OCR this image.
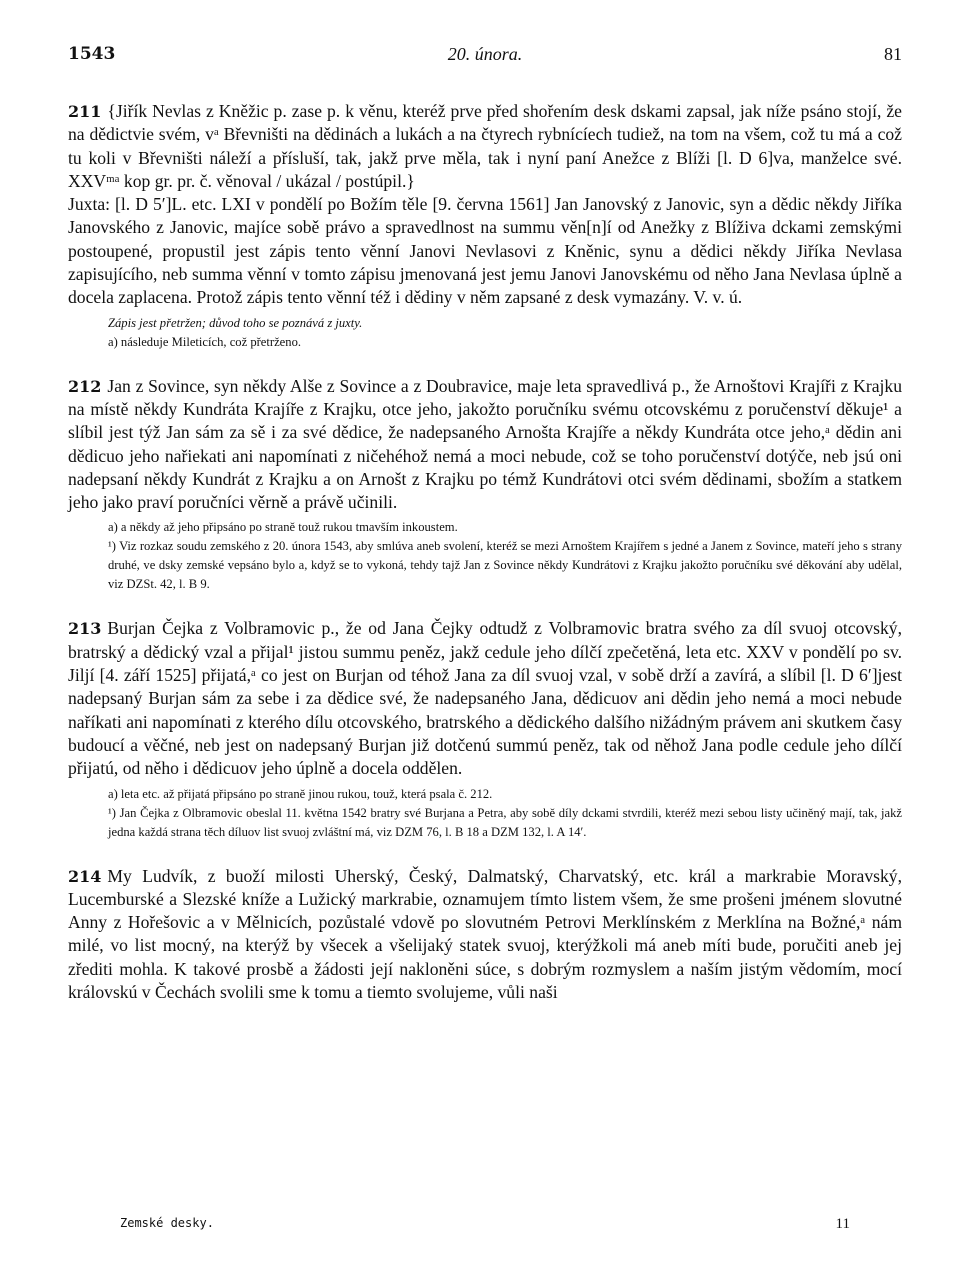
1543	20. února.	81

211 {Jiřík Nevlas z Kněžic p. zase p. k věnu, kteréž prve před shořením desk dskami zapsal, jak níže psáno stojí, že na dědictvie svém, vᵃ Břevništi na dědinách a lukách a na čtyrech rybnícíech tudiež, na tom na všem, což tu má a což tu koli v Břevništi náleží a přísluší, tak, jakž prve měla, tak i nyní paní Anežce z Blíži [l. D 6]va, manželce své. XXVᵐᵃ kop gr. pr. č. věnoval / ukázal / postúpil.}

Juxta: [l. D 5′]L. etc. LXI v pondělí po Božím těle [9. června 1561] Jan Janovský z Janovic, syn a dědic někdy Jiříka Janovského z Janovic, majíce sobě právo a spravedlnost na summu věn[n]í od Anežky z Blíživa dckami zemskými postoupené, propustil jest zápis tento věnní Janovi Nevlasovi z Kněnic, synu a dědici někdy Jiříka Nevlasa zapisujícího, neb summa věnní v tomto zápisu jmenovaná jest jemu Janovi Janovskému od něho Jana Nevlasa úplně a docela zaplacena. Protož zápis tento věnní též i dědiny v něm zapsané z desk vymazány. V. v. ú.

Zápis jest přetržen; důvod toho se poznává z juxty.
a) následuje Mileticích, což přetrženo.

212 Jan z Sovince, syn někdy Alše z Sovince a z Doubravice, maje leta spravedlivá p., že Arnoštovi Krajíři z Krajku na místě někdy Kundráta Krajíře z Krajku, otce jeho, jakožto poručníku svému otcovskému z poručenství děkuje¹ a slíbil jest týž Jan sám za sě i za své dědice, že nadepsaného Arnošta Krajíře a někdy Kundráta otce jeho,ᵃ dědin ani dědicuo jeho nařiekati ani napomínati z ničehéhož nemá a moci nebude, což se toho poručenství dotýče, neb jsú oni nadepsaní někdy Kundrát z Krajku a on Arnošt z Krajku po témž Kundrátovi otci svém dědinami, sbožím a statkem jeho jako praví poručníci věrně a právě učinili.

a) a někdy až jeho připsáno po straně touž rukou tmavším inkoustem.
¹) Viz rozkaz soudu zemského z 20. února 1543, aby smlúva aneb svolení, kteréž se mezi Arnoštem Krajířem s jedné a Janem z Sovince, mateří jeho s strany druhé, ve dsky zemské vepsáno bylo a, když se to vykoná, tehdy tajž Jan z Sovince někdy Kundrátovi z Krajku jakožto poručníku své děkování aby udělal, viz DZSt. 42, l. B 9.

213 Burjan Čejka z Volbramovic p., že od Jana Čejky odtudž z Volbramovic bratra svého za díl svuoj otcovský, bratrský a dědický vzal a přijal¹ jistou summu peněz, jakž cedule jeho dílčí zpečetěná, leta etc. XXV v pondělí po sv. Jiljí [4. září 1525] přijatá,ᵃ co jest on Burjan od téhož Jana za díl svuoj vzal, v sobě drží a zavírá, a slíbil [l. D 6′]jest nadepsaný Burjan sám za sebe i za dědice své, že nadepsaného Jana, dědicuov ani dědin jeho nemá a moci nebude naříkati ani napomínati z kterého dílu otcovského, bratrského a dědického dalšího nižádným právem ani skutkem časy budoucí a věčné, neb jest on nadepsaný Burjan již dotčenú summú peněz, tak od něhož Jana podle cedule jeho dílčí přijatú, od něho i dědicuov jeho úplně a docela oddělen.

a) leta etc. až přijatá připsáno po straně jinou rukou, touž, která psala č. 212.
¹) Jan Čejka z Olbramovic obeslal 11. května 1542 bratry své Burjana a Petra, aby sobě díly dckami stvrdili, kteréž mezi sebou listy učiněný mají, tak, jakž jedna každá strana těch díluov list svuoj zvláštní má, viz DZM 76, l. B 18 a DZM 132, l. A 14′.

214 My Ludvík, z buoží milosti Uherský, Český, Dalmatský, Charvatský, etc. král a markrabie Moravský, Lucemburské a Slezské kníže a Lužický markrabie, oznamujem tímto listem všem, že sme prošeni jménem slovutné Anny z Hořešovic a v Mělnicích, pozůstalé vdově po slovutném Petrovi Merklínském z Merklína na Božné,ᵃ nám milé, vo list mocný, na kterýž by všecek a všelijaký statek svuoj, kterýžkoli má aneb míti bude, poručiti aneb jej zřediti mohla. K takové prosbě a žádosti její nakloněni súce, s dobrým rozmyslem a naším jistým vědomím, mocí královskú v Čechách svolili sme k tomu a tiemto svolujeme, vůli naši

Zemské desky.	11
